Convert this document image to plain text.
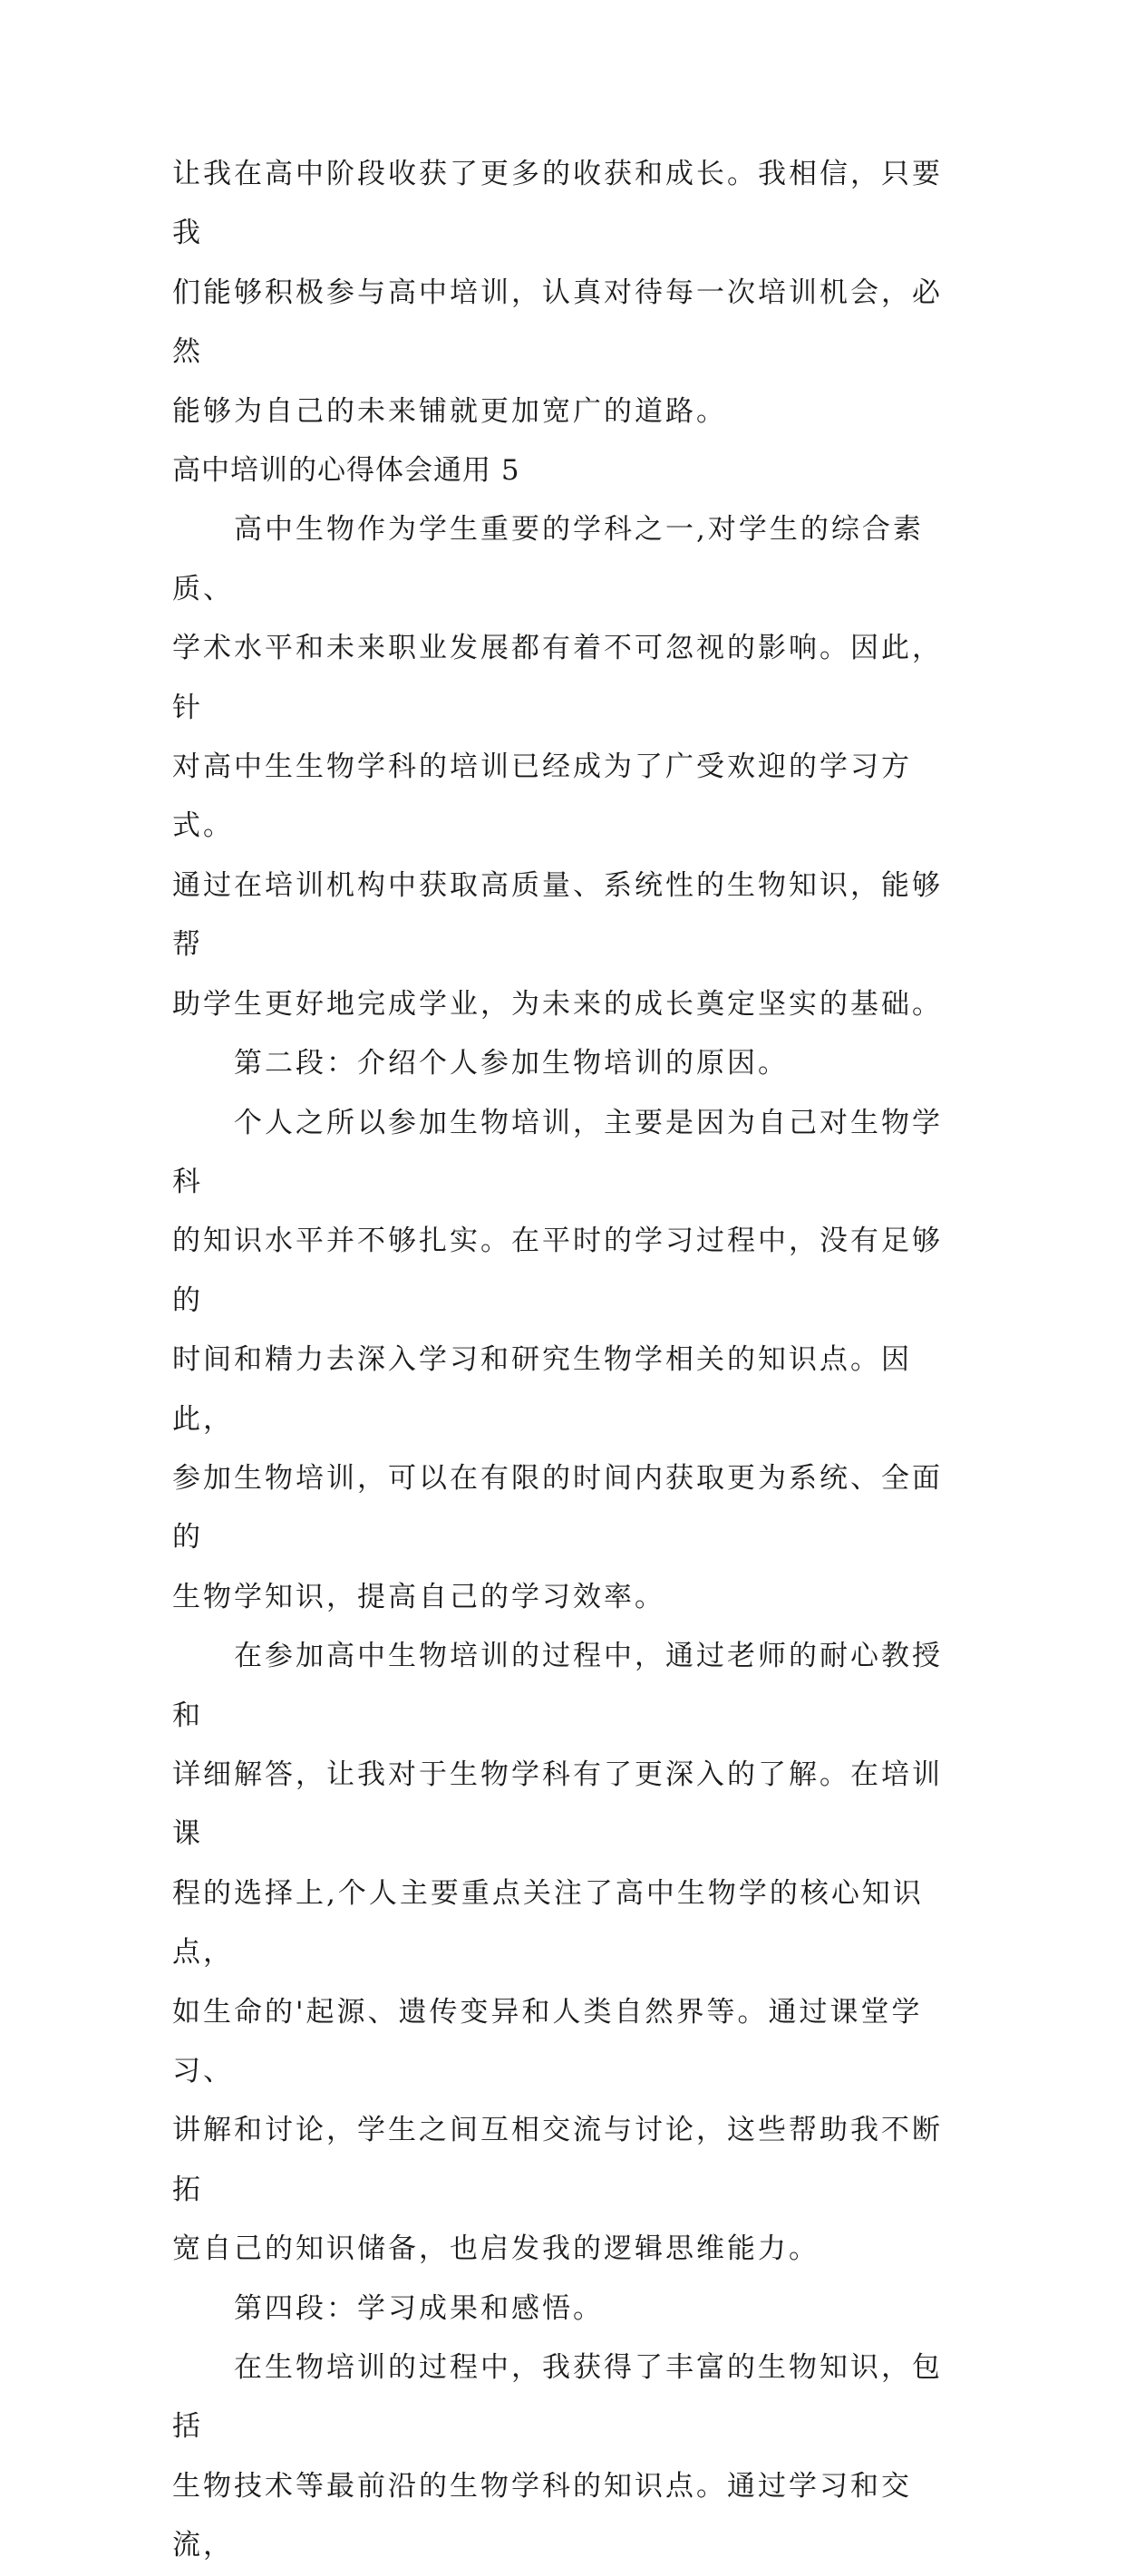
让我在高中阶段收获了更多的收获和成长。我相信，只要我
们能够积极参与高中培训，认真对待每一次培训机会，必然
能够为自己的未来铺就更加宽广的道路。

高中培训的心得体会通用 5

高中生物作为学生重要的学科之一,对学生的综合素质、
学术水平和未来职业发展都有着不可忽视的影响。因此，针
对高中生生物学科的培训已经成为了广受欢迎的学习方式。
通过在培训机构中获取高质量、系统性的生物知识，能够帮
助学生更好地完成学业，为未来的成长奠定坚实的基础。

第二段：介绍个人参加生物培训的原因。

个人之所以参加生物培训，主要是因为自己对生物学科
的知识水平并不够扎实。在平时的学习过程中，没有足够的
时间和精力去深入学习和研究生物学相关的知识点。因此，
参加生物培训，可以在有限的时间内获取更为系统、全面的
生物学知识，提高自己的学习效率。

在参加高中生物培训的过程中，通过老师的耐心教授和
详细解答，让我对于生物学科有了更深入的了解。在培训课
程的选择上,个人主要重点关注了高中生物学的核心知识点，
如生命的'起源、遗传变异和人类自然界等。通过课堂学习、
讲解和讨论，学生之间互相交流与讨论，这些帮助我不断拓
宽自己的知识储备，也启发我的逻辑思维能力。

第四段：学习成果和感悟。

在生物培训的过程中，我获得了丰富的生物知识，包括
生物技术等最前沿的生物学科的知识点。通过学习和交流，
